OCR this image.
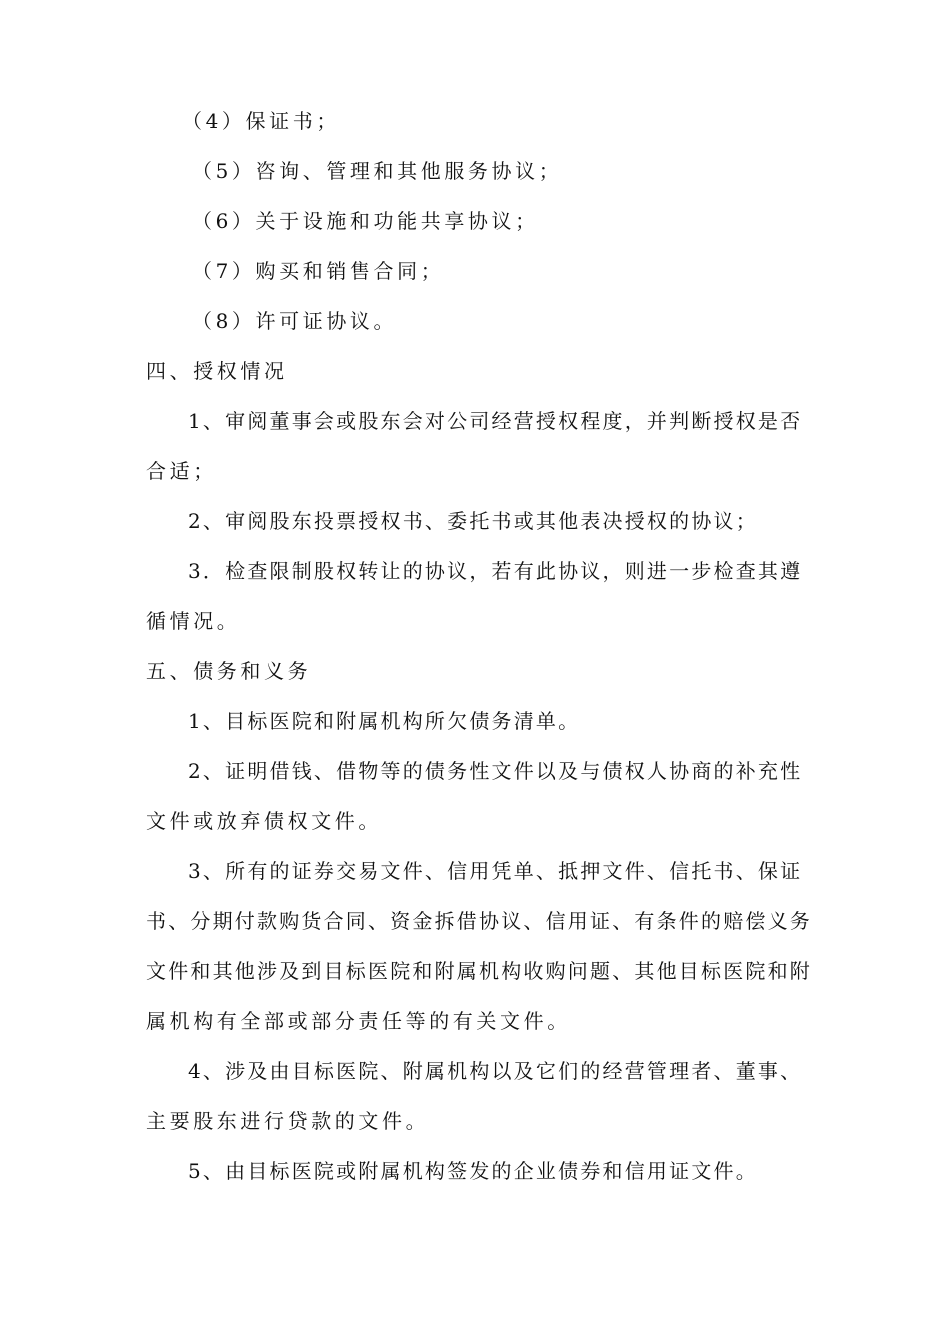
（4）保证书；
（5）咨询、管理和其他服务协议；
（6）关于设施和功能共享协议；
（7）购买和销售合同；
（8）许可证协议。
四、授权情况
1、审阅董事会或股东会对公司经营授权程度，并判断授权是否
合适；
2、审阅股东投票授权书、委托书或其他表决授权的协议；
3．检查限制股权转让的协议，若有此协议，则进一步检查其遵
循情况。
五、债务和义务
1、目标医院和附属机构所欠债务清单。
2、证明借钱、借物等的债务性文件以及与债权人协商的补充性
文件或放弃债权文件。
3、所有的证券交易文件、信用凭单、抵押文件、信托书、保证
书、分期付款购货合同、资金拆借协议、信用证、有条件的赔偿义务
文件和其他涉及到目标医院和附属机构收购问题、其他目标医院和附
属机构有全部或部分责任等的有关文件。
4、涉及由目标医院、附属机构以及它们的经营管理者、董事、
主要股东进行贷款的文件。
5、由目标医院或附属机构签发的企业债券和信用证文件。
